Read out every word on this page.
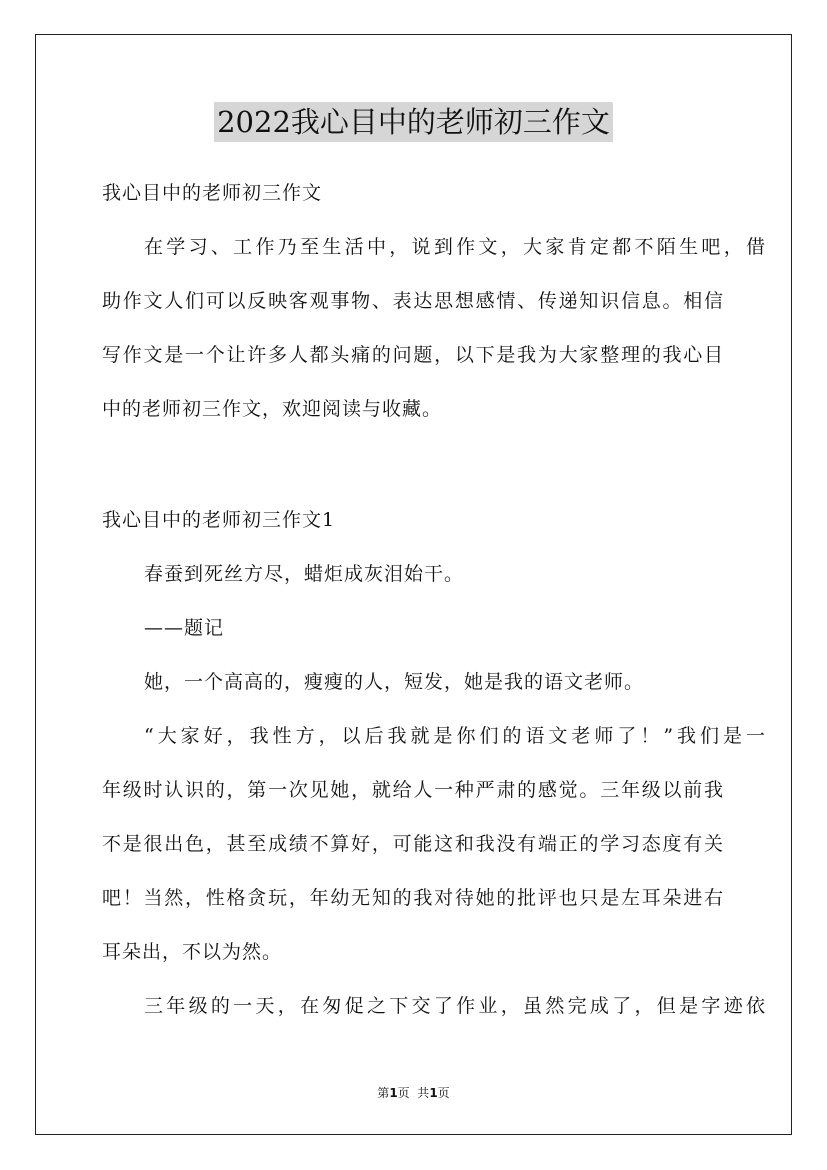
2022我心目中的老师初三作文
我心目中的老师初三作文
在学习、工作乃至生活中，说到作文，大家肯定都不陌生吧，借
助作文人们可以反映客观事物、表达思想感情、传递知识信息。相信
写作文是一个让许多人都头痛的问题，以下是我为大家整理的我心目
中的老师初三作文，欢迎阅读与收藏。
我心目中的老师初三作文1
春蚕到死丝方尽，蜡炬成灰泪始干。
——题记
她，一个高高的，瘦瘦的人，短发，她是我的语文老师。
“大家好，我性方，以后我就是你们的语文老师了！”我们是一
年级时认识的，第一次见她，就给人一种严肃的感觉。三年级以前我
不是很出色，甚至成绩不算好，可能这和我没有端正的学习态度有关
吧！当然，性格贪玩，年幼无知的我对待她的批评也只是左耳朵进右
耳朵出，不以为然。
三年级的一天，在匆促之下交了作业，虽然完成了，但是字迹依
第1页  共1页
